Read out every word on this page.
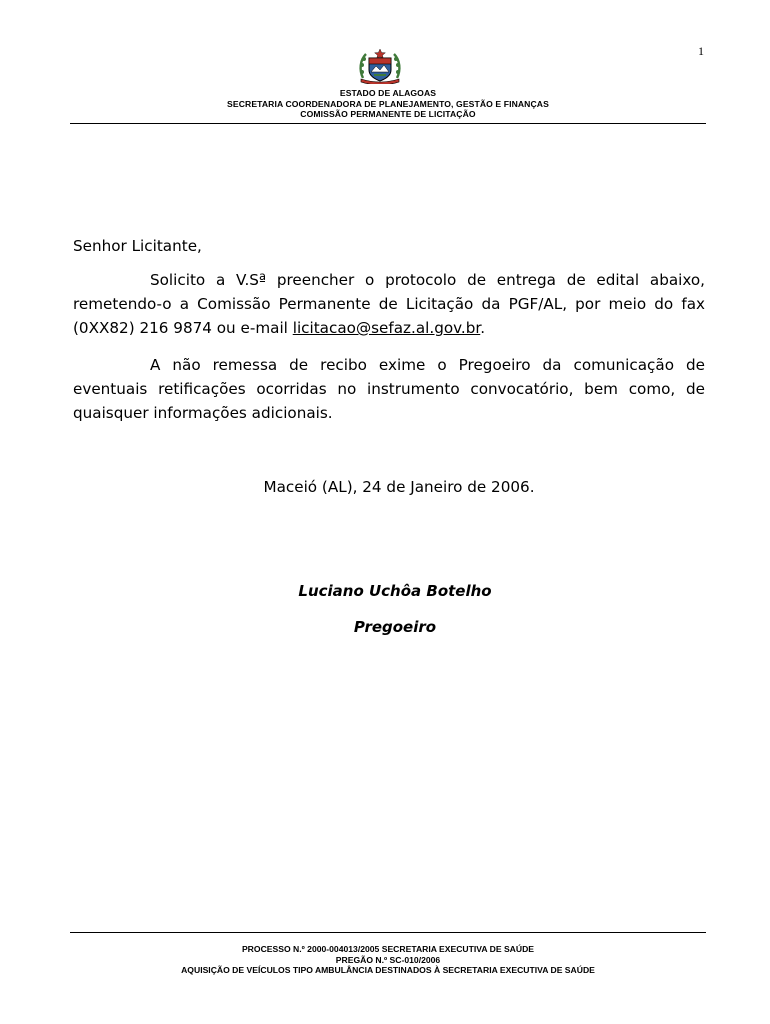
1
ESTADO DE ALAGOAS
SECRETARIA COORDENADORA DE PLANEJAMENTO, GESTÃO E FINANÇAS
COMISSÃO PERMANENTE DE LICITAÇÃO
Senhor Licitante,
Solicito a V.Sª preencher o protocolo de entrega de edital abaixo, remetendo-o a Comissão Permanente de Licitação da PGF/AL, por meio do fax (0XX82) 216 9874 ou e-mail licitacao@sefaz.al.gov.br.
A não remessa de recibo exime o Pregoeiro da comunicação de eventuais retificações ocorridas no instrumento convocatório, bem como, de quaisquer informações adicionais.
Maceió (AL), 24 de Janeiro de 2006.
Luciano Uchôa Botelho
Pregoeiro
PROCESSO N.º 2000-004013/2005 SECRETARIA EXECUTIVA DE SAÚDE
PREGÃO N.º SC-010/2006
AQUISIÇÃO DE VEÍCULOS TIPO AMBULÂNCIA DESTINADOS À SECRETARIA EXECUTIVA DE SAÚDE
